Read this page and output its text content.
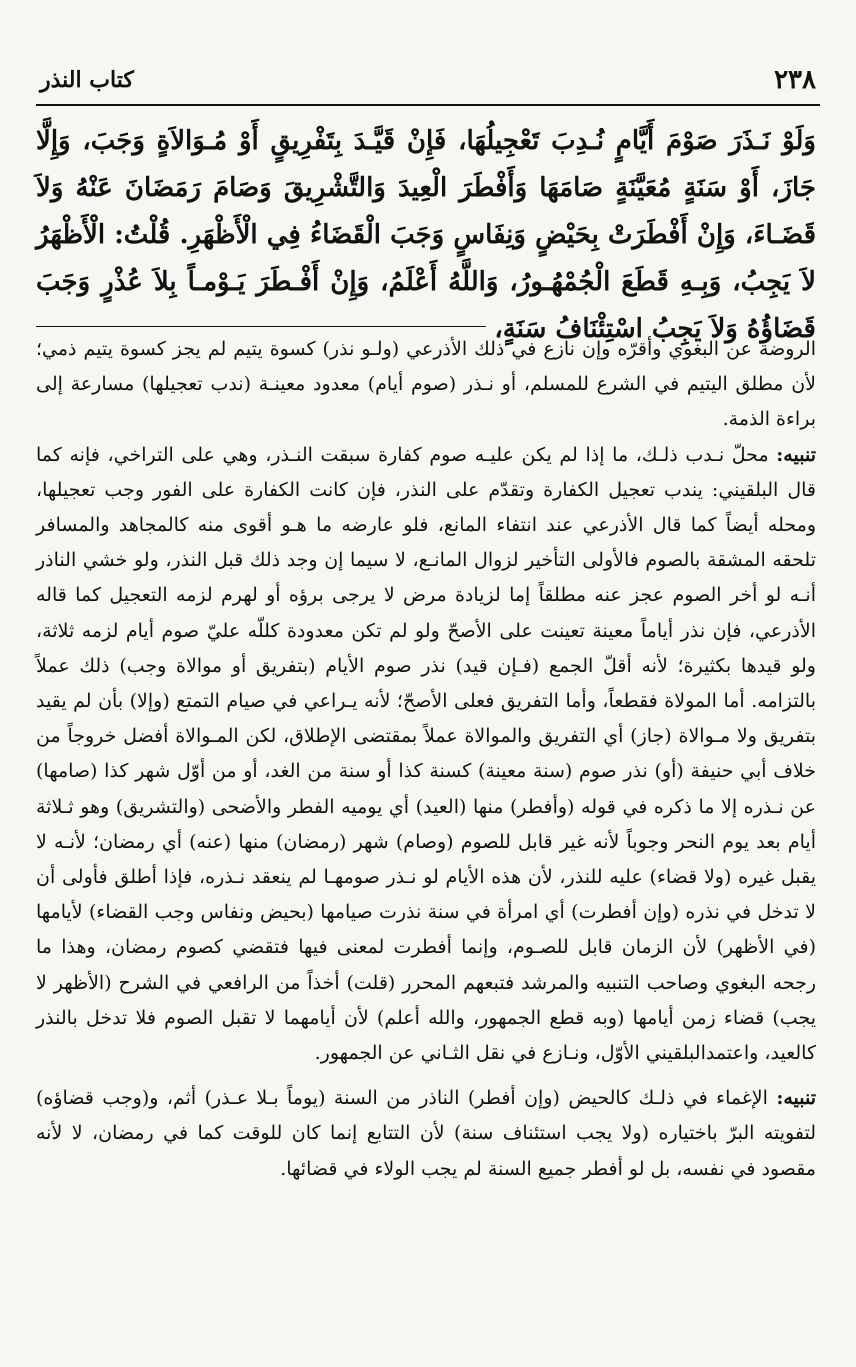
٢٣٨
كتاب النذر

وَلَوْ نَـذَرَ صَوْمَ أَيَّامٍ نُـدِبَ تَعْجِيلُهَا، فَإِنْ قَيَّـدَ بِتَفْرِيقٍ أَوْ مُـوَالاَةٍ وَجَبَ، وَإِلَّا جَازَ، أَوْ سَنَةٍ مُعَيَّنَةٍ صَامَهَا وَأَفْطَرَ الْعِيدَ وَالتَّشْرِيقَ وَصَامَ رَمَضَانَ عَنْهُ وَلاَ قَضَـاءَ، وَإِنْ أَفْطَرَتْ بِحَيْضٍ وَنِفَاسٍ وَجَبَ الْقَضَاءُ فِي الْأَظْهَرِ. قُلْتُ: الْأَظْهَرُ لاَ يَجِبُ، وَبِـهِ قَطَعَ الْجُمْهُـورُ، وَاللَّهُ أَعْلَمُ، وَإِنْ أَفْـطَرَ يَـوْمـاً بِلاَ عُذْرٍ وَجَبَ قَضَاؤُهُ وَلاَ يَجِبُ اسْتِئْنَافُ سَنَةٍ،

الروضة عن البغوي وأقرّه وإن نازع في ذلك الأذرعي (ولـو نذر) كسوة يتيم لم يجز كسوة يتيم ذمي؛ لأن مطلق اليتيم في الشرع للمسلم، أو نـذر (صوم أيام) معدود معينـة (ندب تعجيلها) مسارعة إلى براءة الذمة.

تنبيه: محلّ نـدب ذلـك، ما إذا لم يكن عليـه صوم كفارة سبقت النـذر، وهي على التراخي، فإنه كما قال البلقيني: يندب تعجيل الكفارة وتقدّم على النذر، فإن كانت الكفارة على الفور وجب تعجيلها، ومحله أيضاً كما قال الأذرعي عند انتفاء المانع، فلو عارضه ما هـو أقوى منه كالمجاهد والمسافر تلحقه المشقة بالصوم فالأولى التأخير لزوال المانـع، لا سيما إن وجد ذلك قبل النذر، ولو خشي الناذر أنـه لو أخر الصوم عجز عنه مطلقاً إما لزيادة مرض لا يرجى برؤه أو لهرم لزمه التعجيل كما قاله الأذرعي، فإن نذر أياماً معينة تعينت على الأصحّ ولو لم تكن معدودة كللّه عليّ صوم أيام لزمه ثلاثة، ولو قيدها بكثيرة؛ لأنه أقلّ الجمع (فـإن قيد) نذر صوم الأيام (بتفريق أو موالاة وجب) ذلك عملاً بالتزامه. أما المولاة فقطعاً، وأما التفريق فعلى الأصحّ؛ لأنه يـراعي في صيام التمتع (وإلا) بأن لم يقيد بتفريق ولا مـوالاة (جاز) أي التفريق والموالاة عملاً بمقتضى الإطلاق، لكن المـوالاة أفضل خروجاً من خلاف أبي حنيفة (أو) نذر صوم (سنة معينة) كسنة كذا أو سنة من الغد، أو من أوّل شهر كذا (صامها) عن نـذره إلا ما ذكره في قوله (وأفطر) منها (العيد) أي يوميه الفطر والأضحى (والتشريق) وهو ثـلاثة أيام بعد يوم النحر وجوباً لأنه غير قابل للصوم (وصام) شهر (رمضان) منها (عنه) أي رمضان؛ لأنـه لا يقبل غيره (ولا قضاء) عليه للنذر، لأن هذه الأيام لو نـذر صومهـا لم ينعقد نـذره، فإذا أطلق فأولى أن لا تدخل في نذره (وإن أفطرت) أي امرأة في سنة نذرت صيامها (بحيض ونفاس وجب القضاء) لأيامها (في الأظهر) لأن الزمان قابل للصـوم، وإنما أفطرت لمعنى فيها فتقضي كصوم رمضان، وهذا ما رجحه البغوي وصاحب التنبيه والمرشد فتبعهم المحرر (قلت) أخذاً من الرافعي في الشرح (الأظهر لا يجب) قضاء زمن أيامها (وبه قطع الجمهور، والله أعلم) لأن أيامهما لا تقبل الصوم فلا تدخل بالنذر كالعيد، واعتمدالبلقيني الأوّل، ونـازع في نقل الثـاني عن الجمهور.

تنبيه: الإغماء في ذلـك كالحيض (وإن أفطر) الناذر من السنة (يوماً بـلا عـذر) أثم، و(وجب قضاؤه) لتفويته البرّ باختياره (ولا يجب استئناف سنة) لأن التتابع إنما كان للوقت كما في رمضان، لا لأنه مقصود في نفسه، بل لو أفطر جميع السنة لم يجب الولاء في قضائها.
